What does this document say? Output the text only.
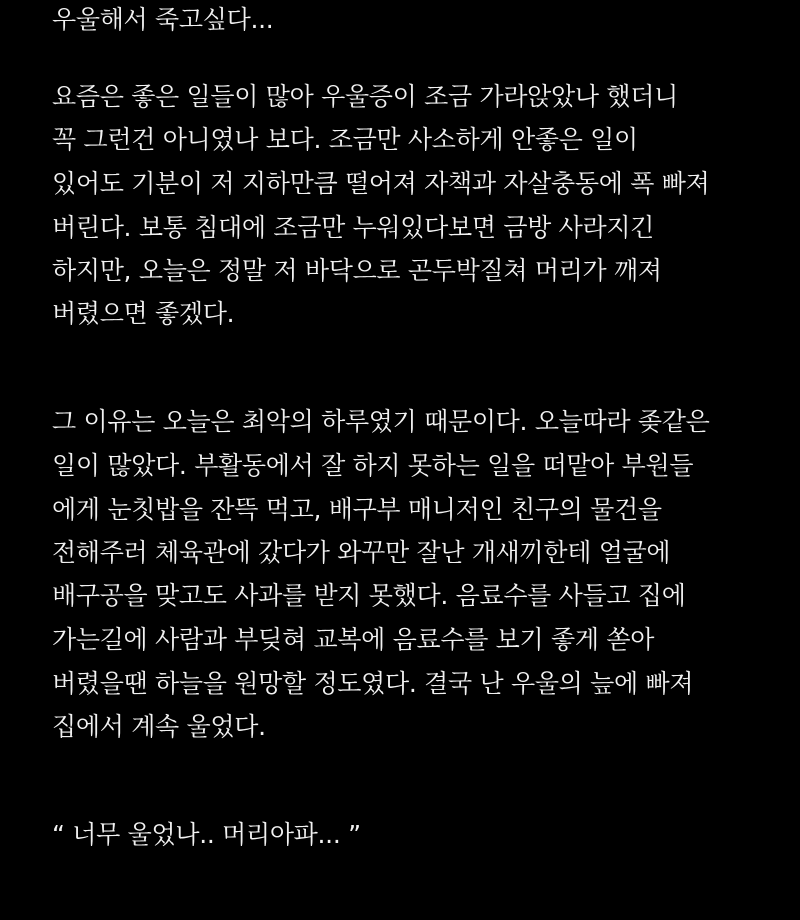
우울해서 죽고싶다...
요즘은 좋은 일들이 많아 우울증이 조금 가라앉았나 했더니
꼭 그런건 아니였나 보다. 조금만 사소하게 안좋은 일이
있어도 기분이 저 지하만큼 떨어져 자책과 자살충동에 폭 빠져
버린다. 보통 침대에 조금만 누워있다보면 금방 사라지긴
하지만, 오늘은 정말 저 바닥으로 곤두박질쳐 머리가 깨져
버렸으면 좋겠다.
그 이유는 오늘은 최악의 하루였기 때문이다. 오늘따라 좆같은
일이 많았다. 부활동에서 잘 하지 못하는 일을 떠맡아 부원들
에게 눈칫밥을 잔뜩 먹고, 배구부 매니저인 친구의 물건을
전해주러 체육관에 갔다가 와꾸만 잘난 개새끼한테 얼굴에
배구공을 맞고도 사과를 받지 못했다. 음료수를 사들고 집에
가는길에 사람과 부딪혀 교복에 음료수를 보기 좋게 쏟아
버렸을땐 하늘을 원망할 정도였다. 결국 난 우울의 늪에 빠져
집에서 계속 울었다.
“ 너무 울었나.. 머리아파... ”
